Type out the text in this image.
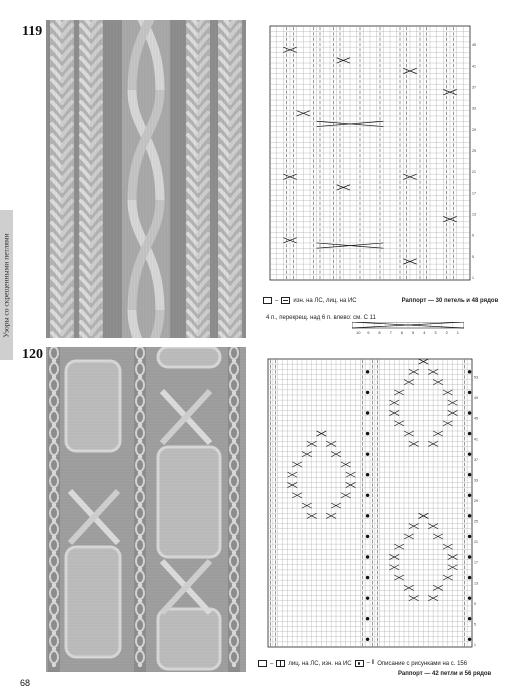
Узоры со скрещенными петлями
119
1
5
9
13
17
21
25
29
33
37
41
45
–	изн. на ЛС, лиц. на ИС	Раппорт — 30 петель и 48 рядов
4 п., перекрещ. над 6 п. влево: см. С 11
10 9 8 7 6 5 4 3 2 1
120
1
5
9
13
17
21
25
29
33
37
41
45
49
53
–	лиц. на ЛС, изн. на ИС	– ⦀ Описание с рисунками на с. 156
Раппорт — 42 петли и 56 рядов
68
